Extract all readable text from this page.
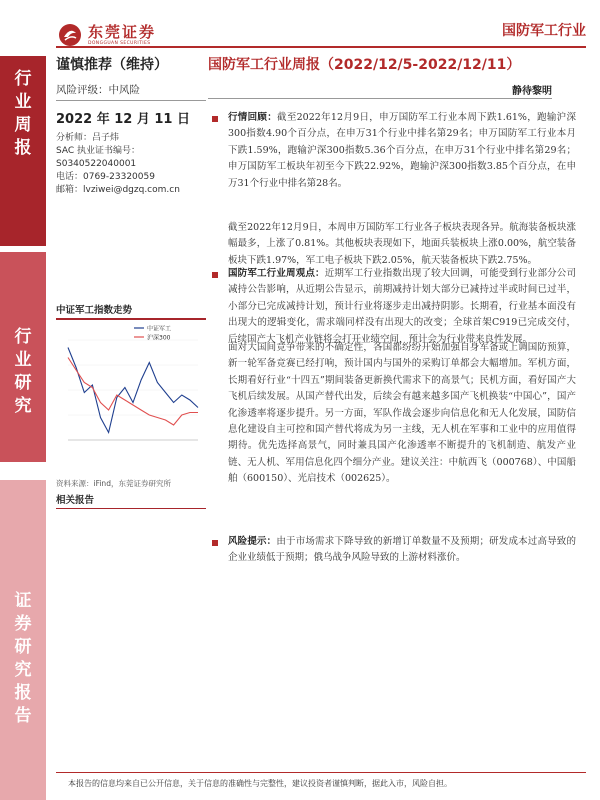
行
业
周
报
行
业
研
究
证
券
研
究
报
告
东莞证券
DONGGUAN SECURITIES
国防军工行业
谨慎推荐（维持）
风险评级：中风险
2022 年 12 月 11 日
分析师：吕子炜
SAC 执业证书编号：
S0340522040001
电话：0769-23320059
邮箱：lvziwei@dgzq.com.cn
中证军工指数走势
中证军工
沪深300
资料来源：iFind，东莞证券研究所
相关报告
国防军工行业周报（2022/12/5-2022/12/11）
静待黎明
行情回顾：截至2022年12月9日，申万国防军工行业本周下跌1.61%，跑输沪深300指数4.90个百分点，在申万31个行业中排名第29名；申万国防军工行业本月下跌1.59%，跑输沪深300指数5.36个百分点，在申万31个行业中排名第29名；申万国防军工板块年初至今下跌22.92%，跑输沪深300指数3.85个百分点，在申万31个行业中排名第28名。
截至2022年12月9日，本周申万国防军工行业各子板块表现各异。航海装备板块涨幅最多，上涨了0.81%。其他板块表现如下，地面兵装板块上涨0.00%，航空装备板块下跌1.97%，军工电子板块下跌2.05%，航天装备板块下跌2.75%。
国防军工行业周观点：近期军工行业指数出现了较大回调，可能受到行业部分公司减持公告影响，从近期公告显示，前期减持计划大部分已减持过半或时间已过半，小部分已完成减持计划，预计行业将逐步走出减持阴影。长期看，行业基本面没有出现大的逻辑变化，需求端同样没有出现大的改变；全球首架C919已完成交付，后续国产大飞机产业链将会打开业绩空间，预计会为行业带来良性发展。
面对大国间竞争带来的不确定性，各国都纷纷开始加强自身军备或上调国防预算，新一轮军备竞赛已经打响，预计国内与国外的采购订单都会大幅增加。军机方面，长期看好行业“十四五”期间装备更新换代需求下的高景气；民机方面，看好国产大飞机后续发展。从国产替代出发，后续会有越来越多国产飞机换装“中国心”，国产化渗透率将逐步提升。另一方面，军队作战会逐步向信息化和无人化发展，国防信息化建设自主可控和国产替代将成为另一主线，无人机在军事和工业中的应用值得期待。优先选择高景气，同时兼具国产化渗透率不断提升的飞机制造、航发产业链、无人机、军用信息化四个细分产业。建议关注：中航西飞（000768）、中国船舶（600150）、光启技术（002625）。
风险提示：由于市场需求下降导致的新增订单数量不及预期；研发成本过高导致的企业业绩低于预期；俄乌战争风险导致的上游材料涨价。
本报告的信息均来自已公开信息，关于信息的准确性与完整性，建议投资者谨慎判断，据此入市，风险自担。
